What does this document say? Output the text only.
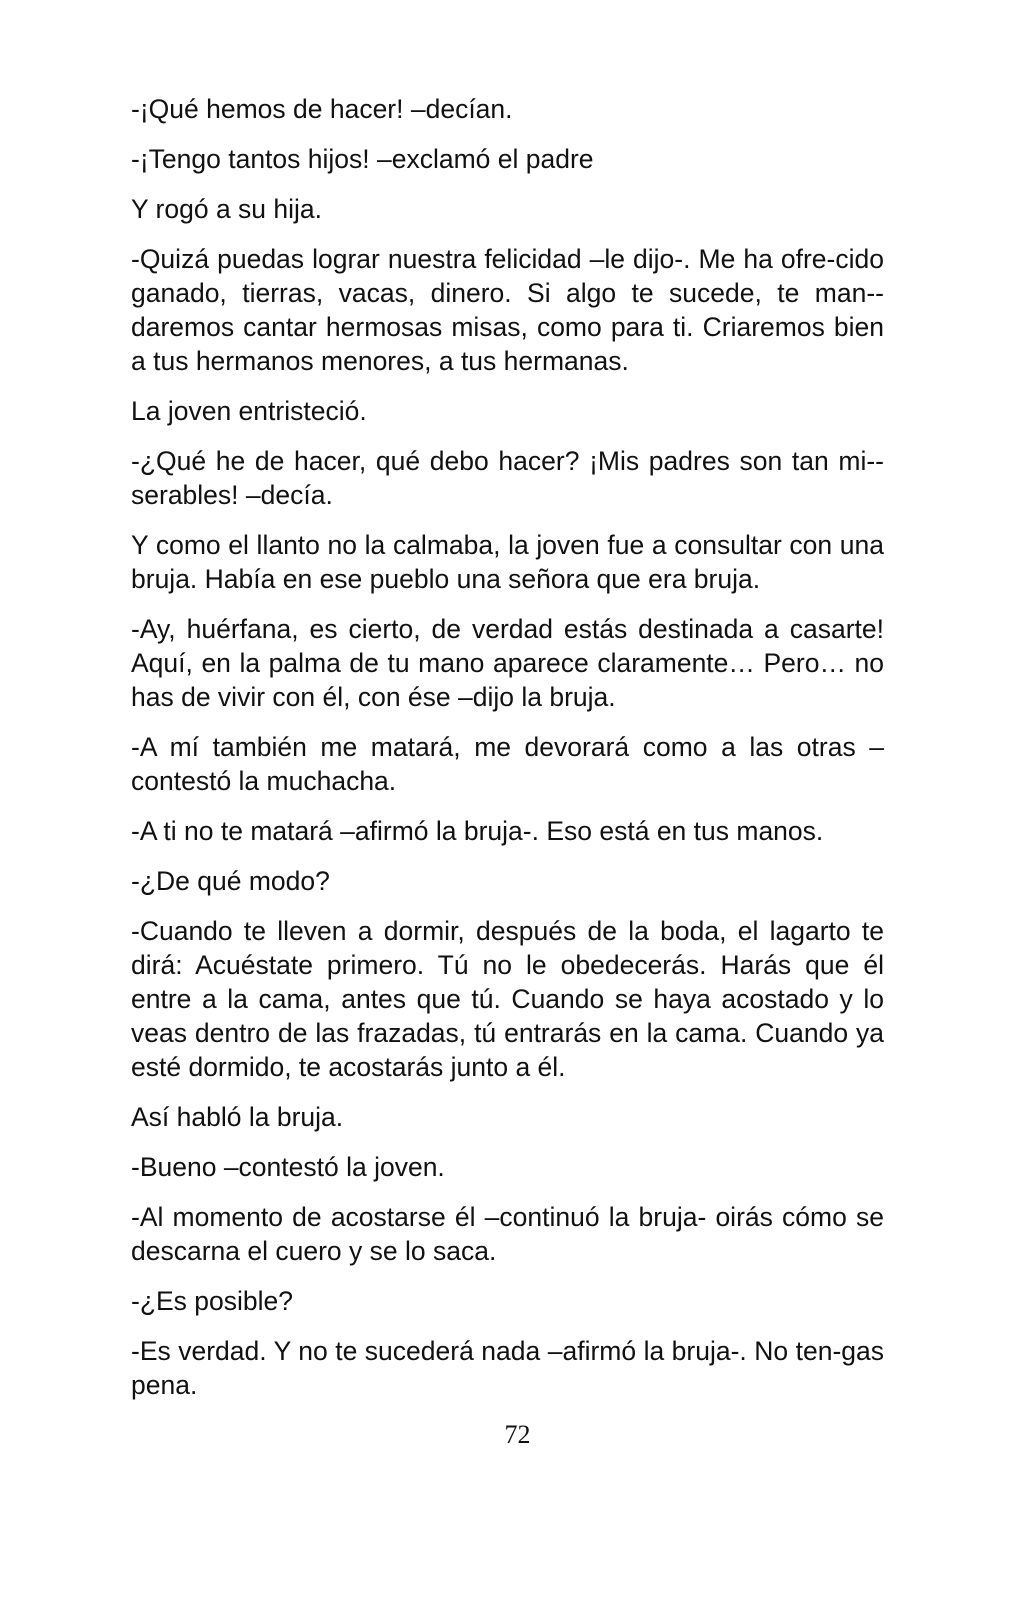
-¡Qué hemos de hacer! –decían.

-¡Tengo tantos hijos! –exclamó el padre

Y rogó a su hija.

-Quizá puedas lograr nuestra felicidad –le dijo-. Me ha ofre-cido ganado, tierras, vacas, dinero. Si algo te sucede, te man-daremos cantar hermosas misas, como para ti. Criaremos bien a tus hermanos menores, a tus hermanas.

La joven entristeció.

-¿Qué he de hacer, qué debo hacer? ¡Mis padres son tan mi-serables! –decía.

Y como el llanto no la calmaba, la joven fue a consultar con una bruja. Había en ese pueblo una señora que era bruja.

-Ay, huérfana, es cierto, de verdad estás destinada a casarte! Aquí, en la palma de tu mano aparece claramente… Pero… no has de vivir con él, con ése –dijo la bruja.

-A mí también me matará, me devorará como a las otras – contestó la muchacha.

-A ti no te matará –afirmó la bruja-. Eso está en tus manos.

-¿De qué modo?

-Cuando te lleven a dormir, después de la boda, el lagarto te dirá: Acuéstate primero. Tú no le obedecerás. Harás que él entre a la cama, antes que tú. Cuando se haya acostado y lo veas dentro de las frazadas, tú entrarás en la cama. Cuando ya esté dormido, te acostarás junto a él.

Así habló la bruja.

-Bueno –contestó la joven.

-Al momento de acostarse él –continuó la bruja- oirás cómo se descarna el cuero y se lo saca.

-¿Es posible?

-Es verdad. Y no te sucederá nada –afirmó la bruja-. No ten-gas pena.

72
